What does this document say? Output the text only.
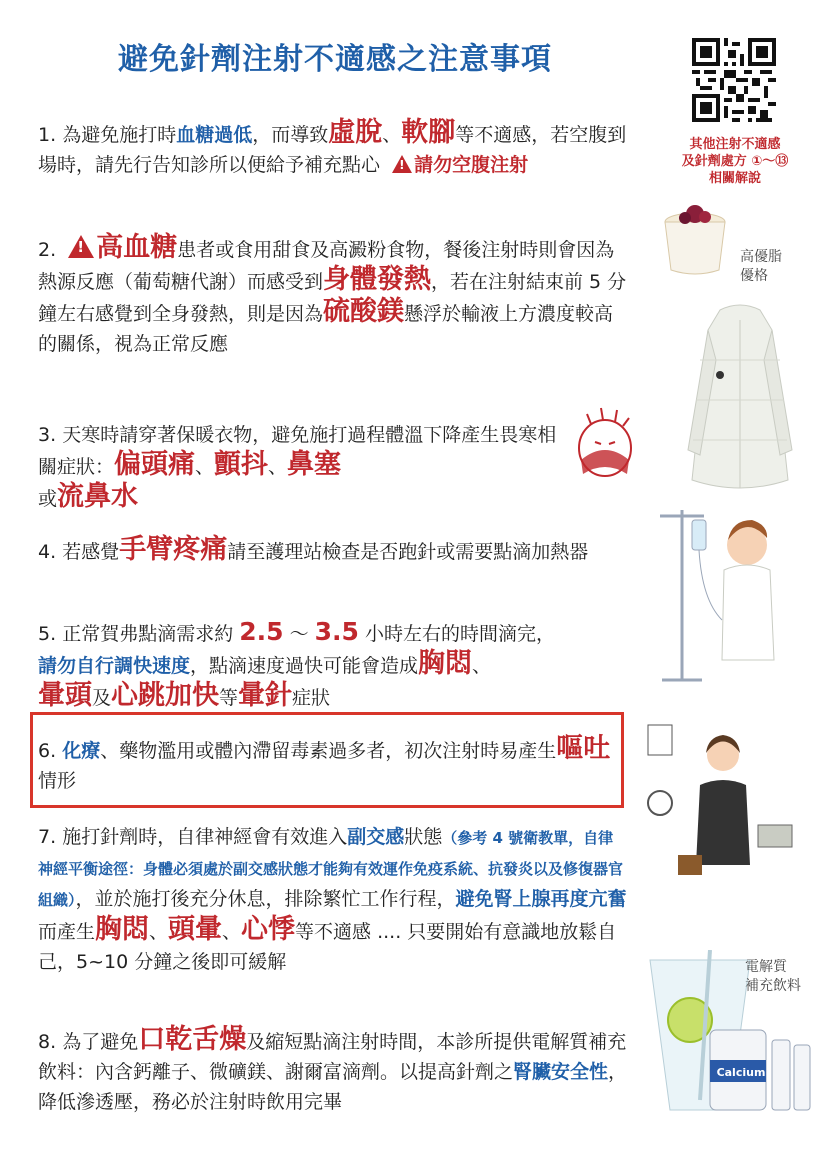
避免針劑注射不適感之注意事項
其他注射不適感
及針劑處方 ①～⑬
相關解說
1. 為避免施打時血糖過低，而導致虛脫、軟腳等不適感，若空腹到場時，請先行告知診所以便給予補充點心 ! 請勿空腹注射
2. ! 高血糖患者或食用甜食及高澱粉食物，餐後注射時則會因為熱源反應（葡萄糖代謝）而感受到身體發熱，若在注射結束前 5 分鐘左右感覺到全身發熱，則是因為硫酸鎂懸浮於輸液上方濃度較高的關係，視為正常反應
3. 天寒時請穿著保暖衣物，避免施打過程體溫下降產生畏寒相關症狀：偏頭痛、顫抖、鼻塞
或流鼻水
4. 若感覺手臂疼痛請至護理站檢查是否跑針或需要點滴加熱器
5. 正常賀弗點滴需求約 2.5 ～ 3.5 小時左右的時間滴完，
請勿自行調快速度，點滴速度過快可能會造成胸悶、
暈頭及心跳加快等暈針症狀
6. 化療、藥物濫用或體內滯留毒素過多者，初次注射時易產生嘔吐情形
7. 施打針劑時，自律神經會有效進入副交感狀態（參考 4 號衛教單，自律神經平衡途徑：身體必須處於副交感狀態才能夠有效運作免疫系統、抗發炎以及修復器官組織），並於施打後充分休息，排除繁忙工作行程，避免腎上腺再度亢奮而產生胸悶、頭暈、心悸等不適感 .... 只要開始有意識地放鬆自己，5~10 分鐘之後即可緩解
8. 為了避免口乾舌燥及縮短點滴注射時間，本診所提供電解質補充飲料：內含鈣離子、微礦鎂、謝爾富滴劑。以提高針劑之腎臟安全性，降低滲透壓，務必於注射時飲用完畢
高優脂
優格
Calcium
電解質
補充飲料
